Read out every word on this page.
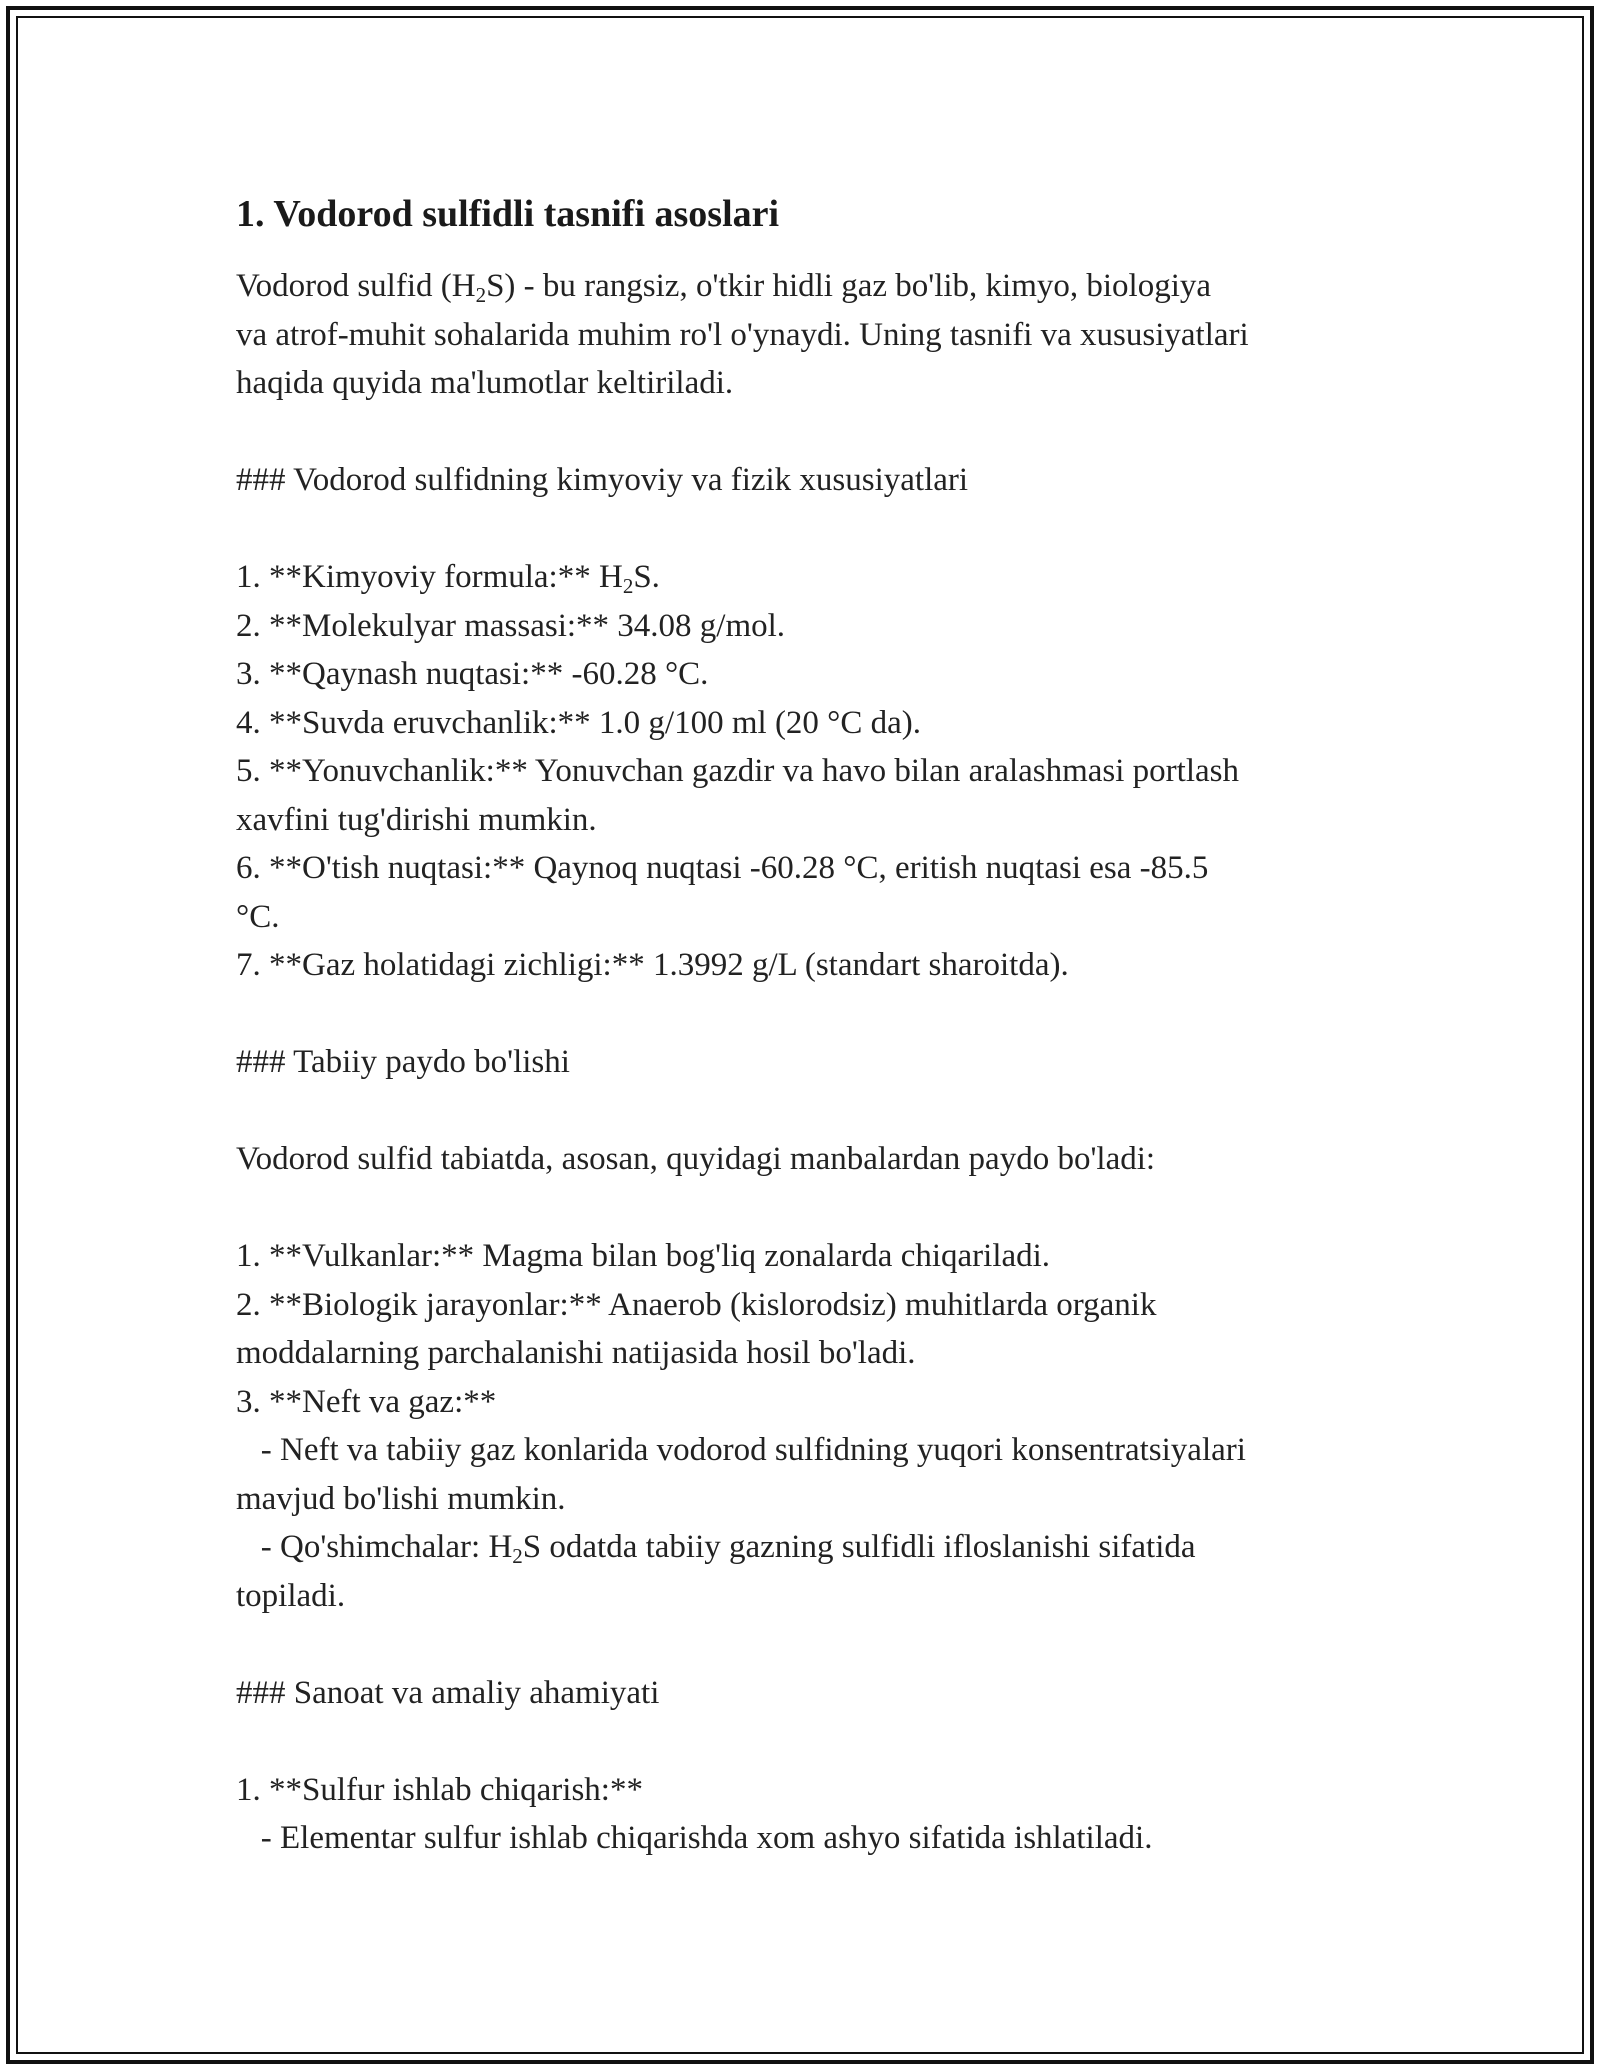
1. Vodorod sulfidli tasnifi asoslari
Vodorod sulfid $(H_2S)$ - bu rangsiz, o'tkir hidli gaz bo'lib, kimyo, biologiya
va atrof-muhit sohalarida muhim ro'l o'ynaydi. Uning tasnifi va xususiyatlari
haqida quyida ma'lumotlar keltiriladi.
### Vodorod sulfidning kimyoviy va fizik xususiyatlari
1. **Kimyoviy formula:** $H_2S$.
2. **Molekulyar massasi:** 34.08 g/mol.
3. **Qaynash nuqtasi:** -60.28 °C.
4. **Suvda eruvchanlik:** 1.0 g/100 ml (20 °C da).
5. **Yonuvchanlik:** Yonuvchan gazdir va havo bilan aralashmasi portlash
xavfini tug'dirishi mumkin.
6. **O'tish nuqtasi:** Qaynoq nuqtasi -60.28 °C, eritish nuqtasi esa -85.5
°C.
7. **Gaz holatidagi zichligi:** 1.3992 g/L (standart sharoitda).
### Tabiiy paydo bo'lishi
Vodorod sulfid tabiatda, asosan, quyidagi manbalardan paydo bo'ladi:
1. **Vulkanlar:** Magma bilan bog'liq zonalarda chiqariladi.
2. **Biologik jarayonlar:** Anaerob (kislorodsiz) muhitlarda organik
moddalarning parchalanishi natijasida hosil bo'ladi.
3. **Neft va gaz:**
- Neft va tabiiy gaz konlarida vodorod sulfidning yuqori konsentratsiyalari
mavjud bo'lishi mumkin.
- Qo'shimchalar: $H_2S$ odatda tabiiy gazning sulfidli ifloslanishi sifatida
topiladi.
### Sanoat va amaliy ahamiyati
1. **Sulfur ishlab chiqarish:**
- Elementar sulfur ishlab chiqarishda xom ashyo sifatida ishlatiladi.
